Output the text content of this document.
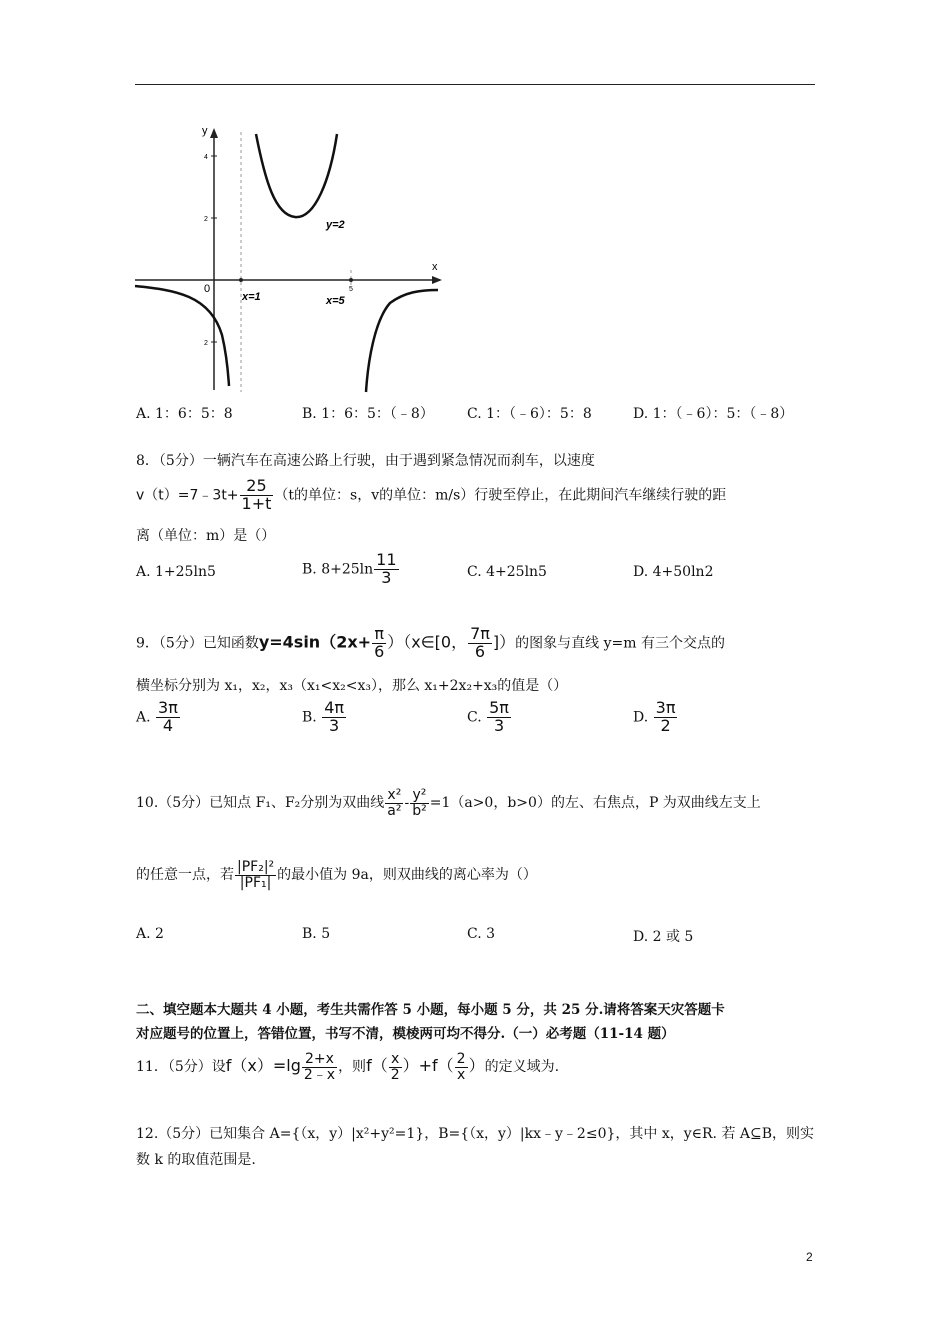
y
x
0
4
2
2
5
y=2
x=1	x=5
A. 1：6：5：8	B. 1：6：5：（﹣8） C. 1：（﹣6）：5：8	D. 1：（﹣6）：5：（﹣8）
8．（5分）一辆汽车在高速公路上行驶，由于遇到紧急情况而刹车，以速度
v（t）=7﹣3t+ $\frac{25}{1+t} (t$的单位：s，v的单位：m/s）行驶至停止，在此期间汽车继续行驶的距
离（单位：m）是（）
A. 1+25ln5	B. $8+25\ln \frac{11}{3}$	C. 4+25ln5	D. 4+50ln2
9．（5分）已知函数$y=4\sin(2x+ \frac{\pi}{6}$ ）（x∈[0， $\frac{7\pi}{6}$ ]）的图象与直线 y=m 有三个交点的
横坐标分别为 x₁，x₂，x₃（x₁<x₂<x₃），那么 x₁+2x₂+x₃的值是（）
A. $\frac{3\pi}{4}$	B. $\frac{4\pi}{3}$	C. $\frac{5\pi}{3}$	D. $\frac{3\pi}{2}$
10.（5分）已知点 F₁、F₂分别为双曲线 $\frac{\text{x²}}{\text{a²}} - \frac{\text{y²}}{\text{b²}} =1(a>0$，b>0）的左、右焦点，P 为双曲线左支上
的任意一点，若 $\frac{\text{|PF₂|²}}{\text{|PF₁|}}$ 的最小值为 9a，则双曲线的离心率为（）
A. 2	B. 5	C. 3	D. 2 或 5
二、填空题本大题共 4 小题，考生共需作答 5 小题，每小题 5 分，共 25 分.请将答案天灾答题卡
对应题号的位置上，答错位置，书写不清，模棱两可均不得分.（一）必考题（11-14 题）
11．（5分）设$f(x)=\lg \frac{2+x}{2﹣x}$ ，则$f( \frac{x}{2} )+f( \frac{2}{x}$ ）的定义域为.
12.（5分）已知集合 A={（x，y）|x²+y²=1}，B={（x，y）|kx﹣y﹣2≤0}，其中 x，y∈R. 若 A⊆B，则实
数 k 的取值范围是.
2
